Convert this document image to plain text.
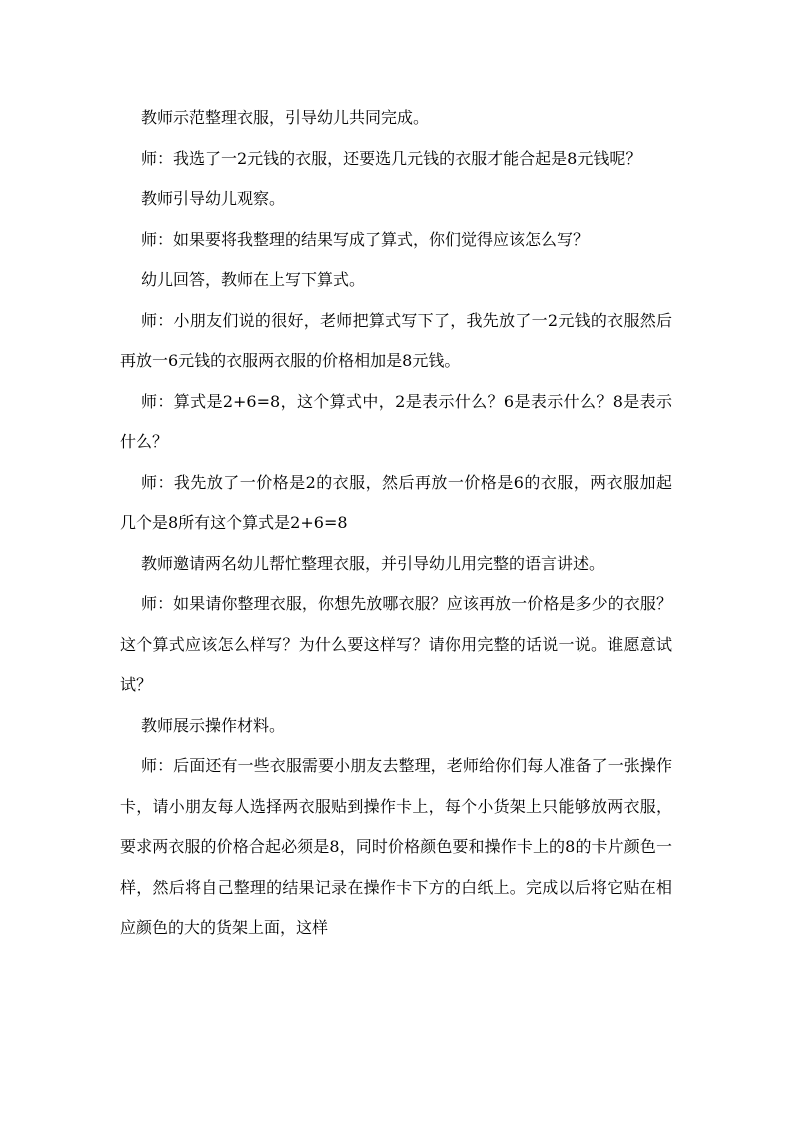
教师示范整理衣服，引导幼儿共同完成。

师：我选了一2元钱的衣服，还要选几元钱的衣服才能合起是8元钱呢？

教师引导幼儿观察。

师：如果要将我整理的结果写成了算式，你们觉得应该怎么写？

幼儿回答，教师在上写下算式。

师：小朋友们说的很好，老师把算式写下了，我先放了一2元钱的衣服然后再放一6元钱的衣服两衣服的价格相加是8元钱。

师：算式是2+6=8，这个算式中，2是表示什么？6是表示什么？8是表示什么？

师：我先放了一价格是2的衣服，然后再放一价格是6的衣服，两衣服加起几个是8所有这个算式是2+6=8

教师邀请两名幼儿帮忙整理衣服，并引导幼儿用完整的语言讲述。

师：如果请你整理衣服，你想先放哪衣服？应该再放一价格是多少的衣服？这个算式应该怎么样写？为什么要这样写？请你用完整的话说一说。谁愿意试试？

教师展示操作材料。

师：后面还有一些衣服需要小朋友去整理，老师给你们每人准备了一张操作卡，请小朋友每人选择两衣服贴到操作卡上，每个小货架上只能够放两衣服，要求两衣服的价格合起必须是8，同时价格颜色要和操作卡上的8的卡片颜色一样，然后将自己整理的结果记录在操作卡下方的白纸上。完成以后将它贴在相应颜色的大的货架上面，这样
